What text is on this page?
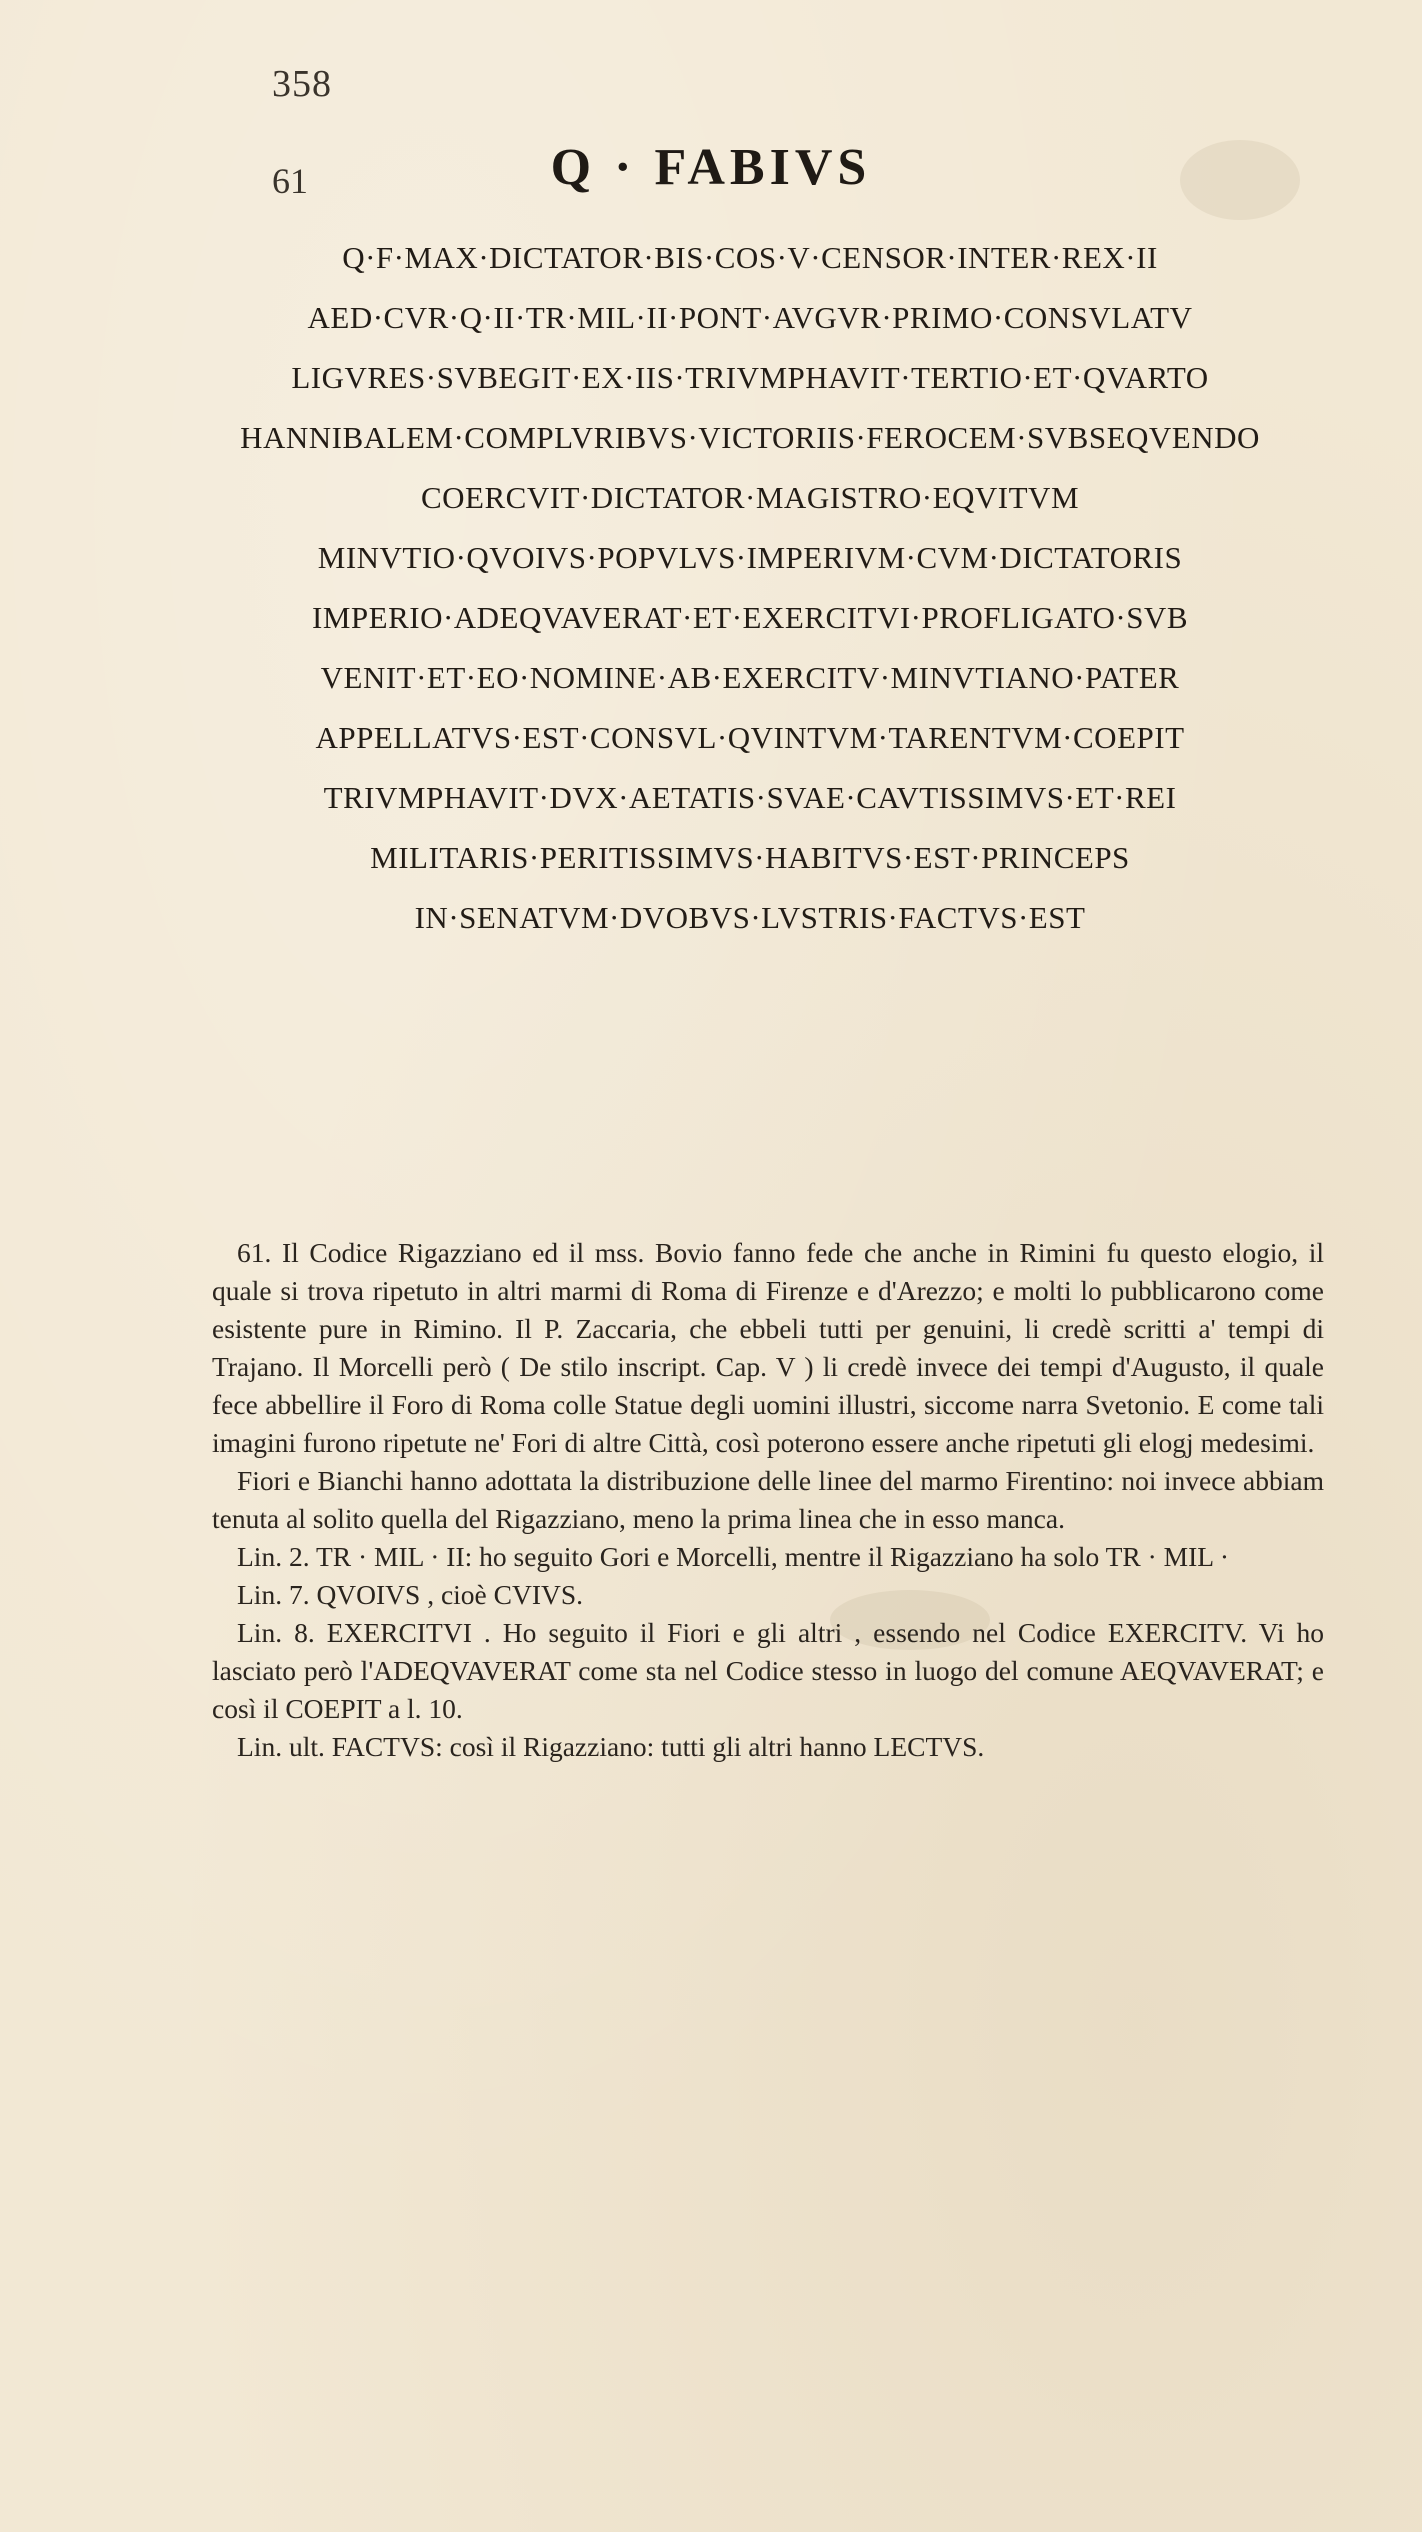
358
61	Q · FABIVS
Q·F·MAX·DICTATOR·BIS·COS·V·CENSOR·INTER·REX·II
AED·CVR·Q·II·TR·MIL·II·PONT·AVGVR·PRIMO·CONSVLATV
LIGVRES·SVBEGIT·EX·IIS·TRIVMPHAVIT·TERTIO·ET·QVARTO
HANNIBALEM·COMPLVRIBVS·VICTORIIS·FEROCEM·SVBSEQVENDO
COERCVIT·DICTATOR·MAGISTRO·EQVITVM
MINVTIO·QVOIVS·POPVLVS·IMPERIVM·CVM·DICTATORIS
IMPERIO·ADEQVAVERAT·ET·EXERCITVI·PROFLIGATO·SVB
VENIT·ET·EO·NOMINE·AB·EXERCITV·MINVTIANO·PATER
APPELLATVS·EST·CONSVL·QVINTVM·TARENTVM·COEPIT
TRIVMPHAVIT·DVX·AETATIS·SVAE·CAVTISSIMVS·ET·REI
MILITARIS·PERITISSIMVS·HABITVS·EST·PRINCEPS
IN·SENATVM·DVOBVS·LVSTRIS·FACTVS·EST

61. Il Codice Rigazziano ed il mss. Bovio fanno fede che anche in Rimini fu questo elogio, il quale si trova ripetuto in altri marmi di Roma di Firenze e d'Arezzo; e molti lo pubblicarono come esistente pure in Rimino. Il P. Zaccaria, che ebbeli tutti per genuini, li credè scritti a' tempi di Trajano. Il Morcelli però ( De stilo inscript. Cap. V ) li credè invece dei tempi d'Augusto, il quale fece abbellire il Foro di Roma colle Statue degli uomini illustri, siccome narra Svetonio. E come tali imagini furono ripetute ne' Fori di altre Città, così poterono essere anche ripetuti gli elogj medesimi.

Fiori e Bianchi hanno adottata la distribuzione delle linee del marmo Firentino: noi invece abbiam tenuta al solito quella del Rigazziano, meno la prima linea che in esso manca.

Lin. 2. TR · MIL · II: ho seguito Gori e Morcelli, mentre il Rigazziano ha solo TR · MIL ·

Lin. 7. QVOIVS , cioè CVIVS.

Lin. 8. EXERCITVI . Ho seguito il Fiori e gli altri , essendo nel Codice EXERCITV. Vi ho lasciato però l'ADEQVAVERAT come sta nel Codice stesso in luogo del comune AEQVAVERAT; e così il COEPIT a l. 10.

Lin. ult. FACTVS: così il Rigazziano: tutti gli altri hanno LECTVS.
